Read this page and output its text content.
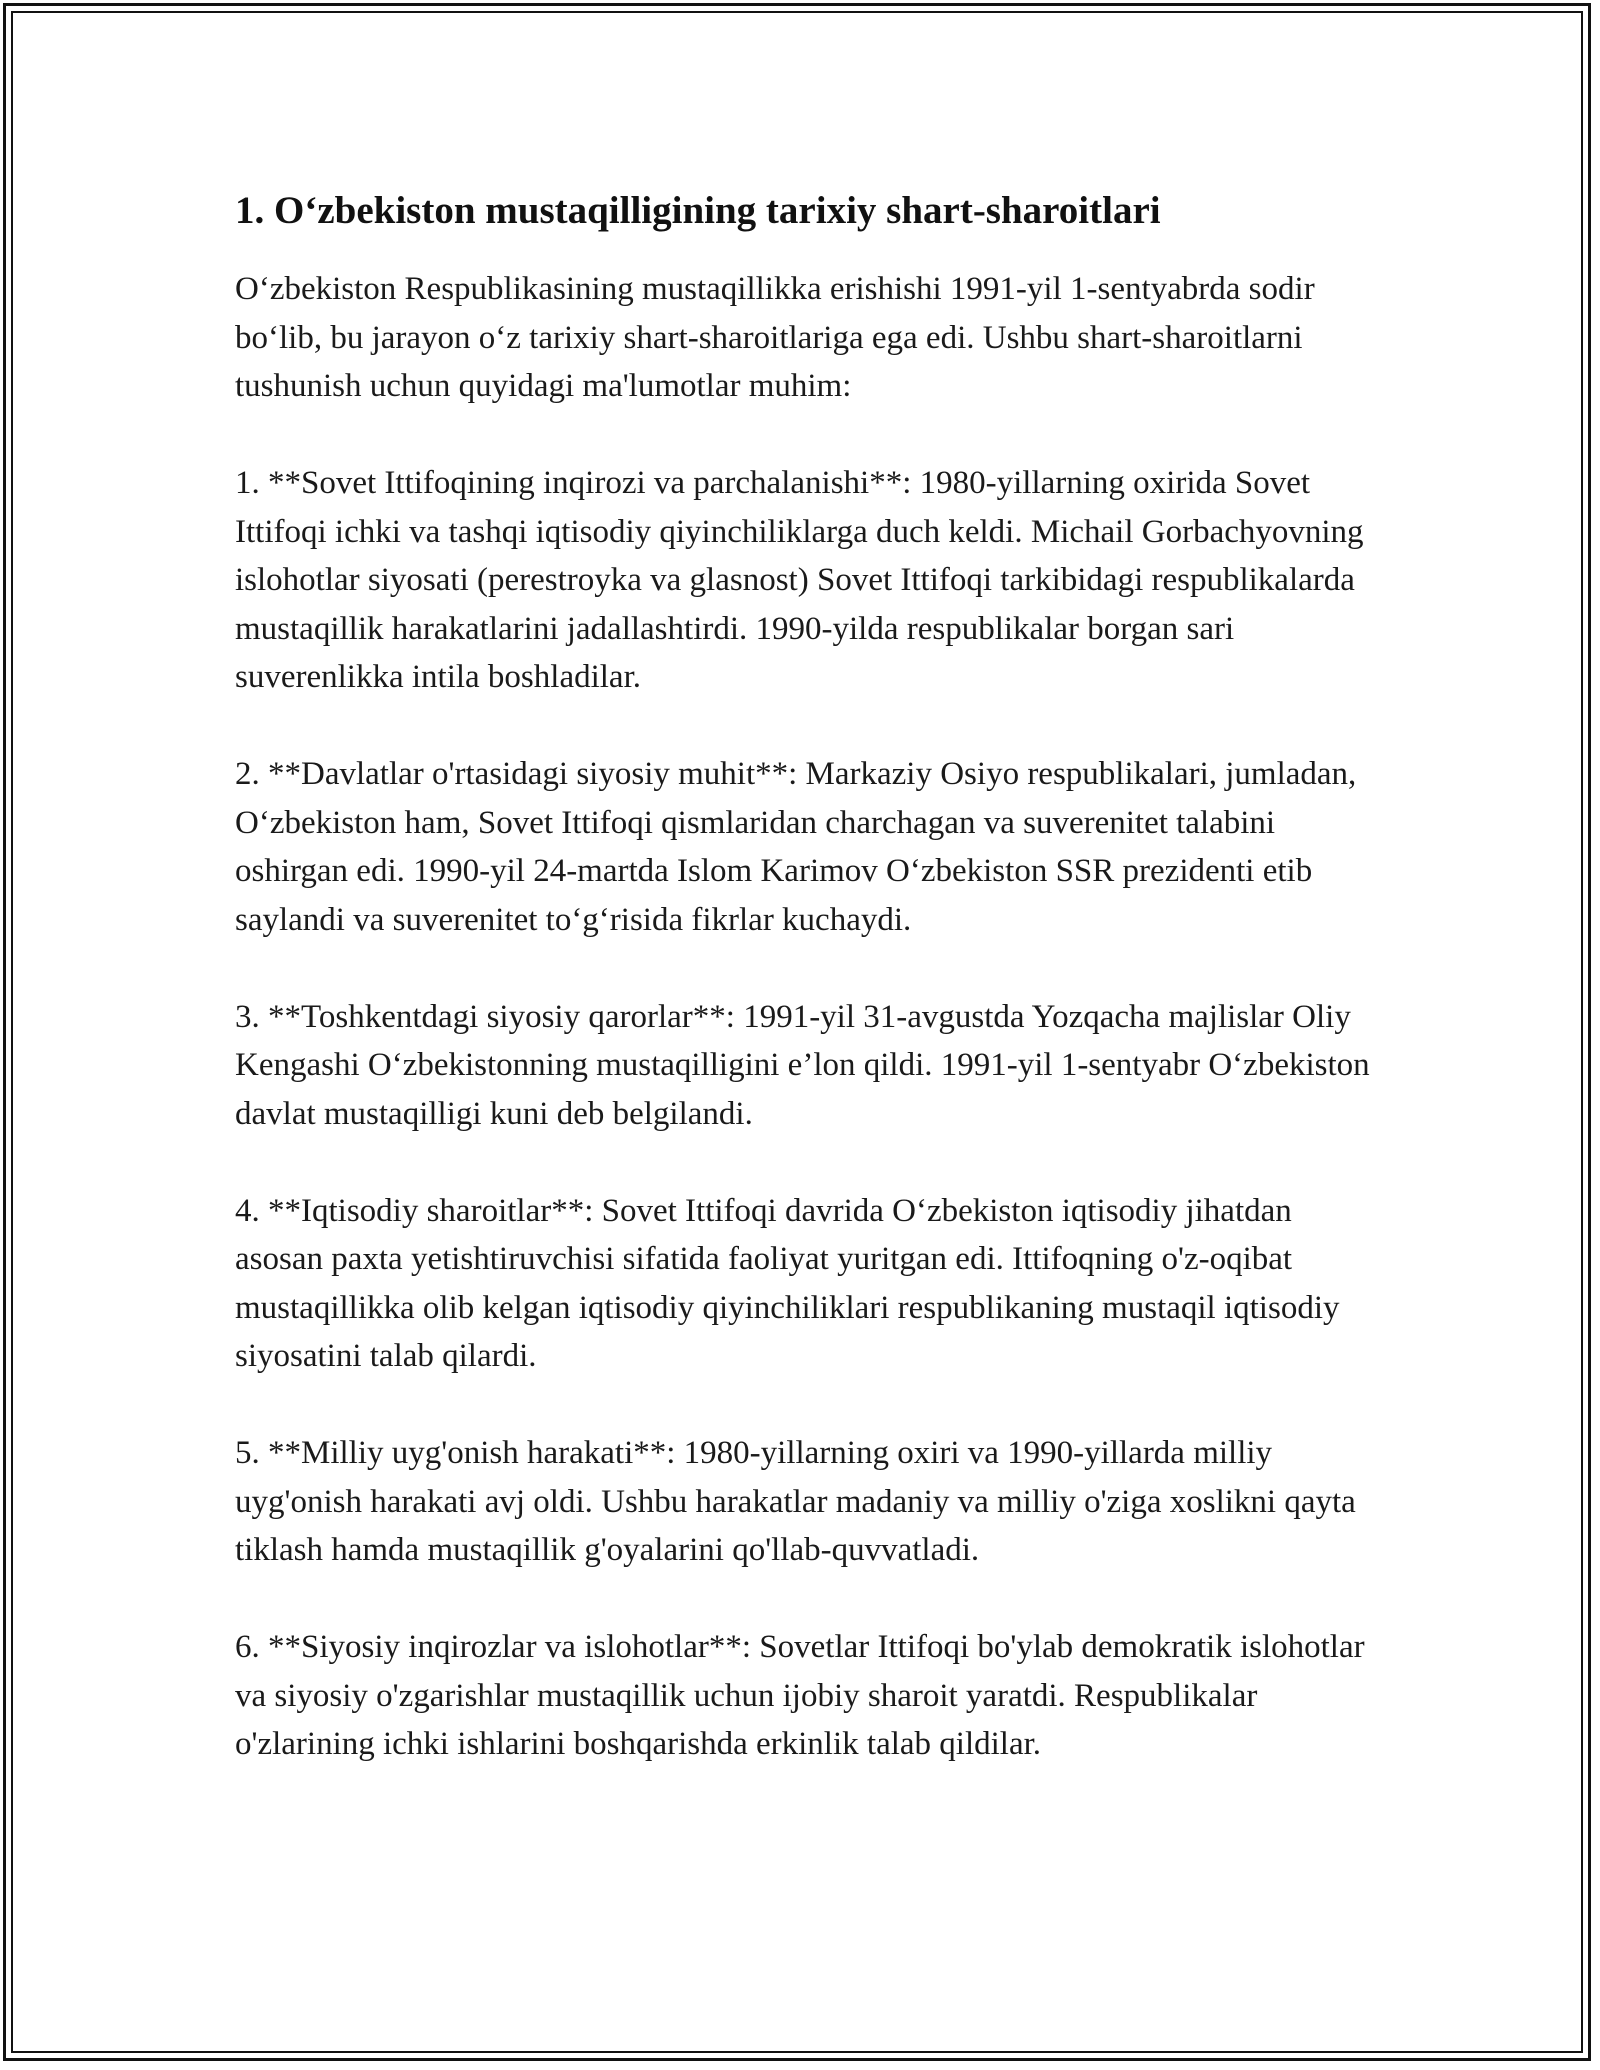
1. O‘zbekiston mustaqilligining tarixiy shart-sharoitlari

O‘zbekiston Respublikasining mustaqillikka erishishi 1991-yil 1-sentyabrda sodir bo‘lib, bu jarayon o‘z tarixiy shart-sharoitlariga ega edi. Ushbu shart-sharoitlarni tushunish uchun quyidagi ma'lumotlar muhim:

1. **Sovet Ittifoqining inqirozi va parchalanishi**: 1980-yillarning oxirida Sovet Ittifoqi ichki va tashqi iqtisodiy qiyinchiliklarga duch keldi. Michail Gorbachyovning islohotlar siyosati (perestroyka va glasnost) Sovet Ittifoqi tarkibidagi respublikalarda mustaqillik harakatlarini jadallashtirdi. 1990-yilda respublikalar borgan sari suverenlikka intila boshladilar.

2. **Davlatlar o'rtasidagi siyosiy muhit**: Markaziy Osiyo respublikalari, jumladan, O‘zbekiston ham, Sovet Ittifoqi qismlaridan charchagan va suverenitet talabini oshirgan edi. 1990-yil 24-martda Islom Karimov O‘zbekiston SSR prezidenti etib saylandi va suverenitet to‘g‘risida fikrlar kuchaydi.

3. **Toshkentdagi siyosiy qarorlar**: 1991-yil 31-avgustda Yozqacha majlislar Oliy Kengashi O‘zbekistonning mustaqilligini e’lon qildi. 1991-yil 1-sentyabr O‘zbekiston davlat mustaqilligi kuni deb belgilandi.

4. **Iqtisodiy sharoitlar**: Sovet Ittifoqi davrida O‘zbekiston iqtisodiy jihatdan asosan paxta yetishtiruvchisi sifatida faoliyat yuritgan edi. Ittifoqning o'z-oqibat mustaqillikka olib kelgan iqtisodiy qiyinchiliklari respublikaning mustaqil iqtisodiy siyosatini talab qilardi.

5. **Milliy uyg'onish harakati**: 1980-yillarning oxiri va 1990-yillarda milliy uyg'onish harakati avj oldi. Ushbu harakatlar madaniy va milliy o'ziga xoslikni qayta tiklash hamda mustaqillik g'oyalarini qo'llab-quvvatladi.

6. **Siyosiy inqirozlar va islohotlar**: Sovetlar Ittifoqi bo'ylab demokratik islohotlar va siyosiy o'zgarishlar mustaqillik uchun ijobiy sharoit yaratdi. Respublikalar o'zlarining ichki ishlarini boshqarishda erkinlik talab qildilar.
